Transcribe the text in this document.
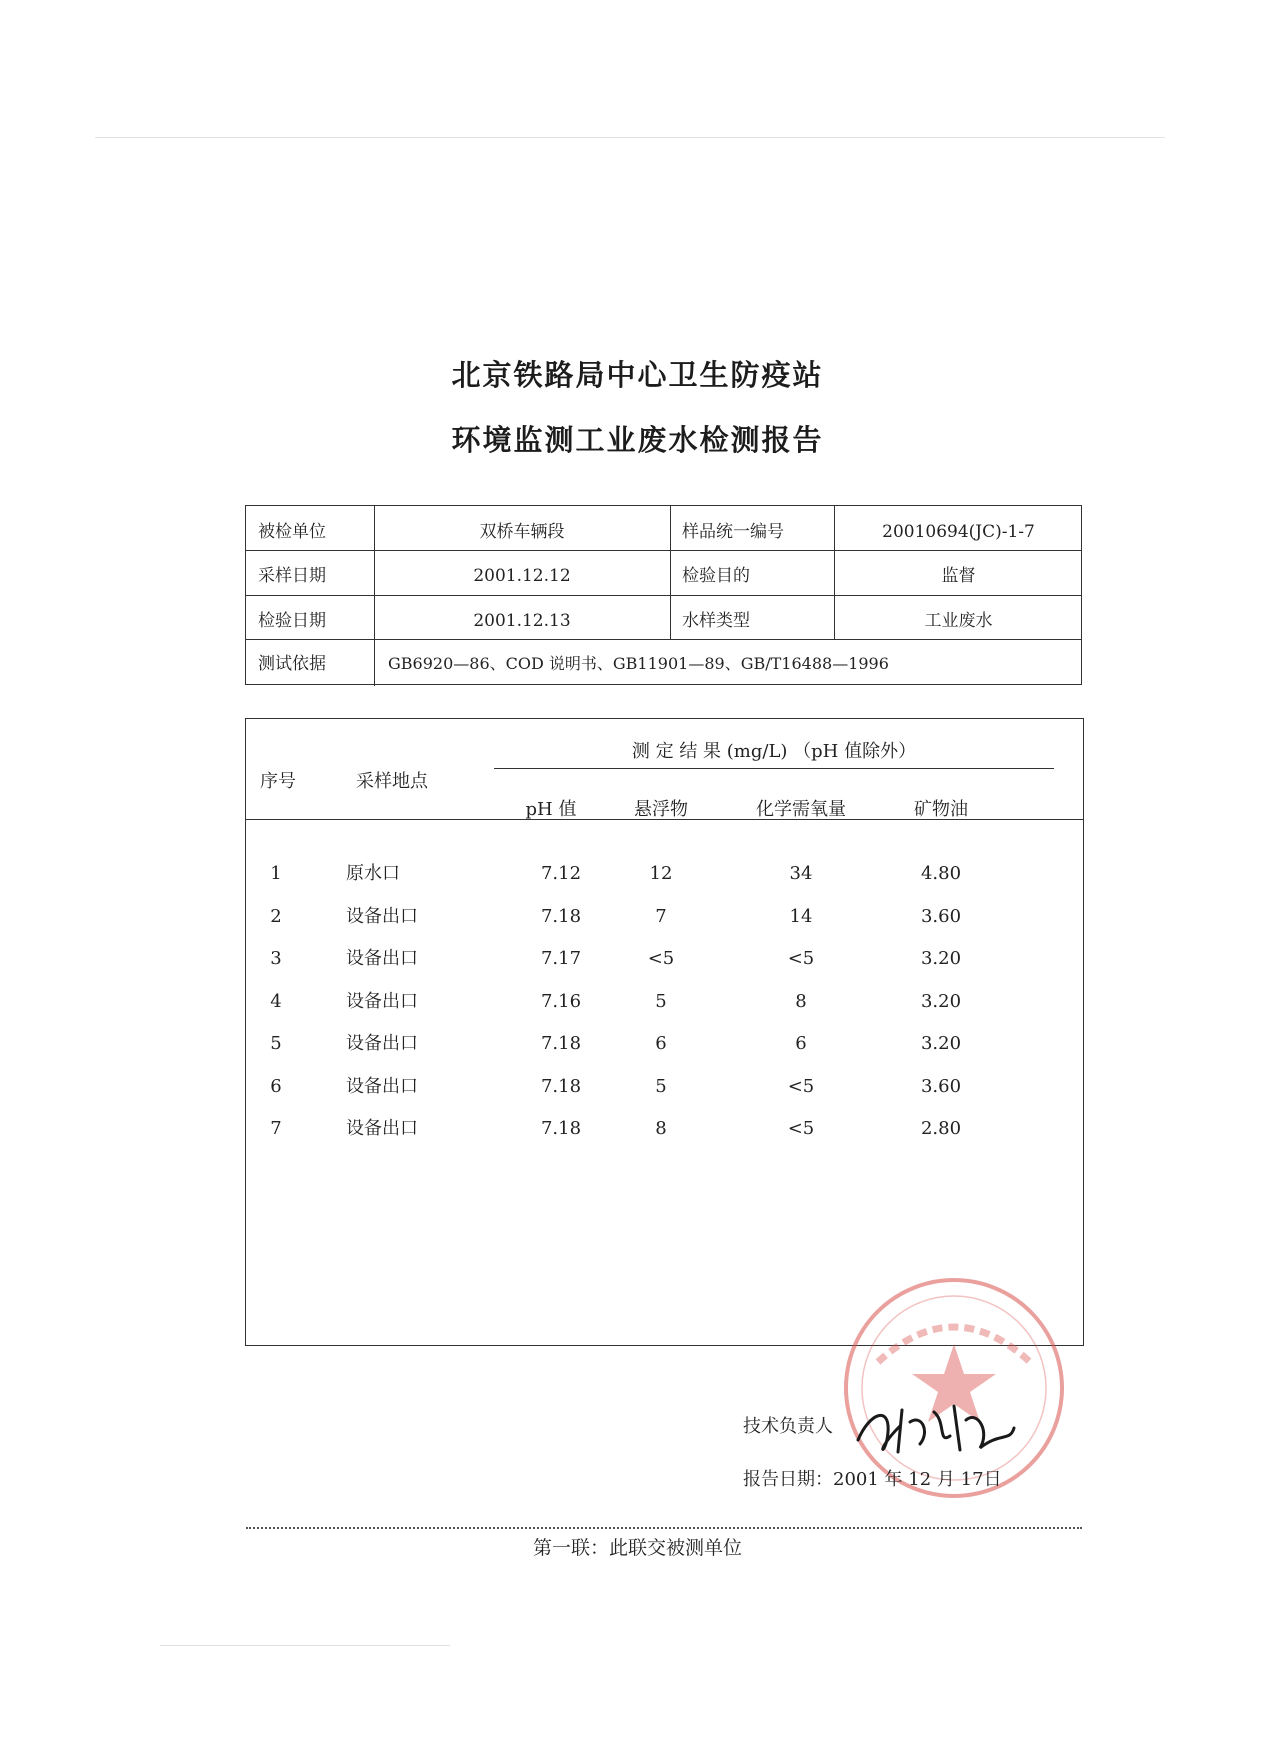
北京铁路局中心卫生防疫站
环境监测工业废水检测报告
被检单位	双桥车辆段	样品统一编号	20010694(JC)-1-7
采样日期	2001.12.12	检验目的	监督
检验日期	2001.12.13	水样类型	工业废水
测试依据	GB6920—86、COD 说明书、GB11901—89、GB/T16488—1996
序号	采样地点
测 定 结 果 (mg/L) （pH 值除外）
pH 值	悬浮物	化学需氧量	矿物油
1	原水口	7.12	12	34	4.80
2	设备出口	7.18	7	14	3.60
3	设备出口	7.17	<5	<5	3.20
4	设备出口	7.16	5	8	3.20
5	设备出口	7.18	6	6	3.20
6	设备出口	7.18	5	<5	3.60
7	设备出口	7.18	8	<5	2.80
技术负责人
报告日期：2001 年 12 月 17日
第一联：此联交被测单位
